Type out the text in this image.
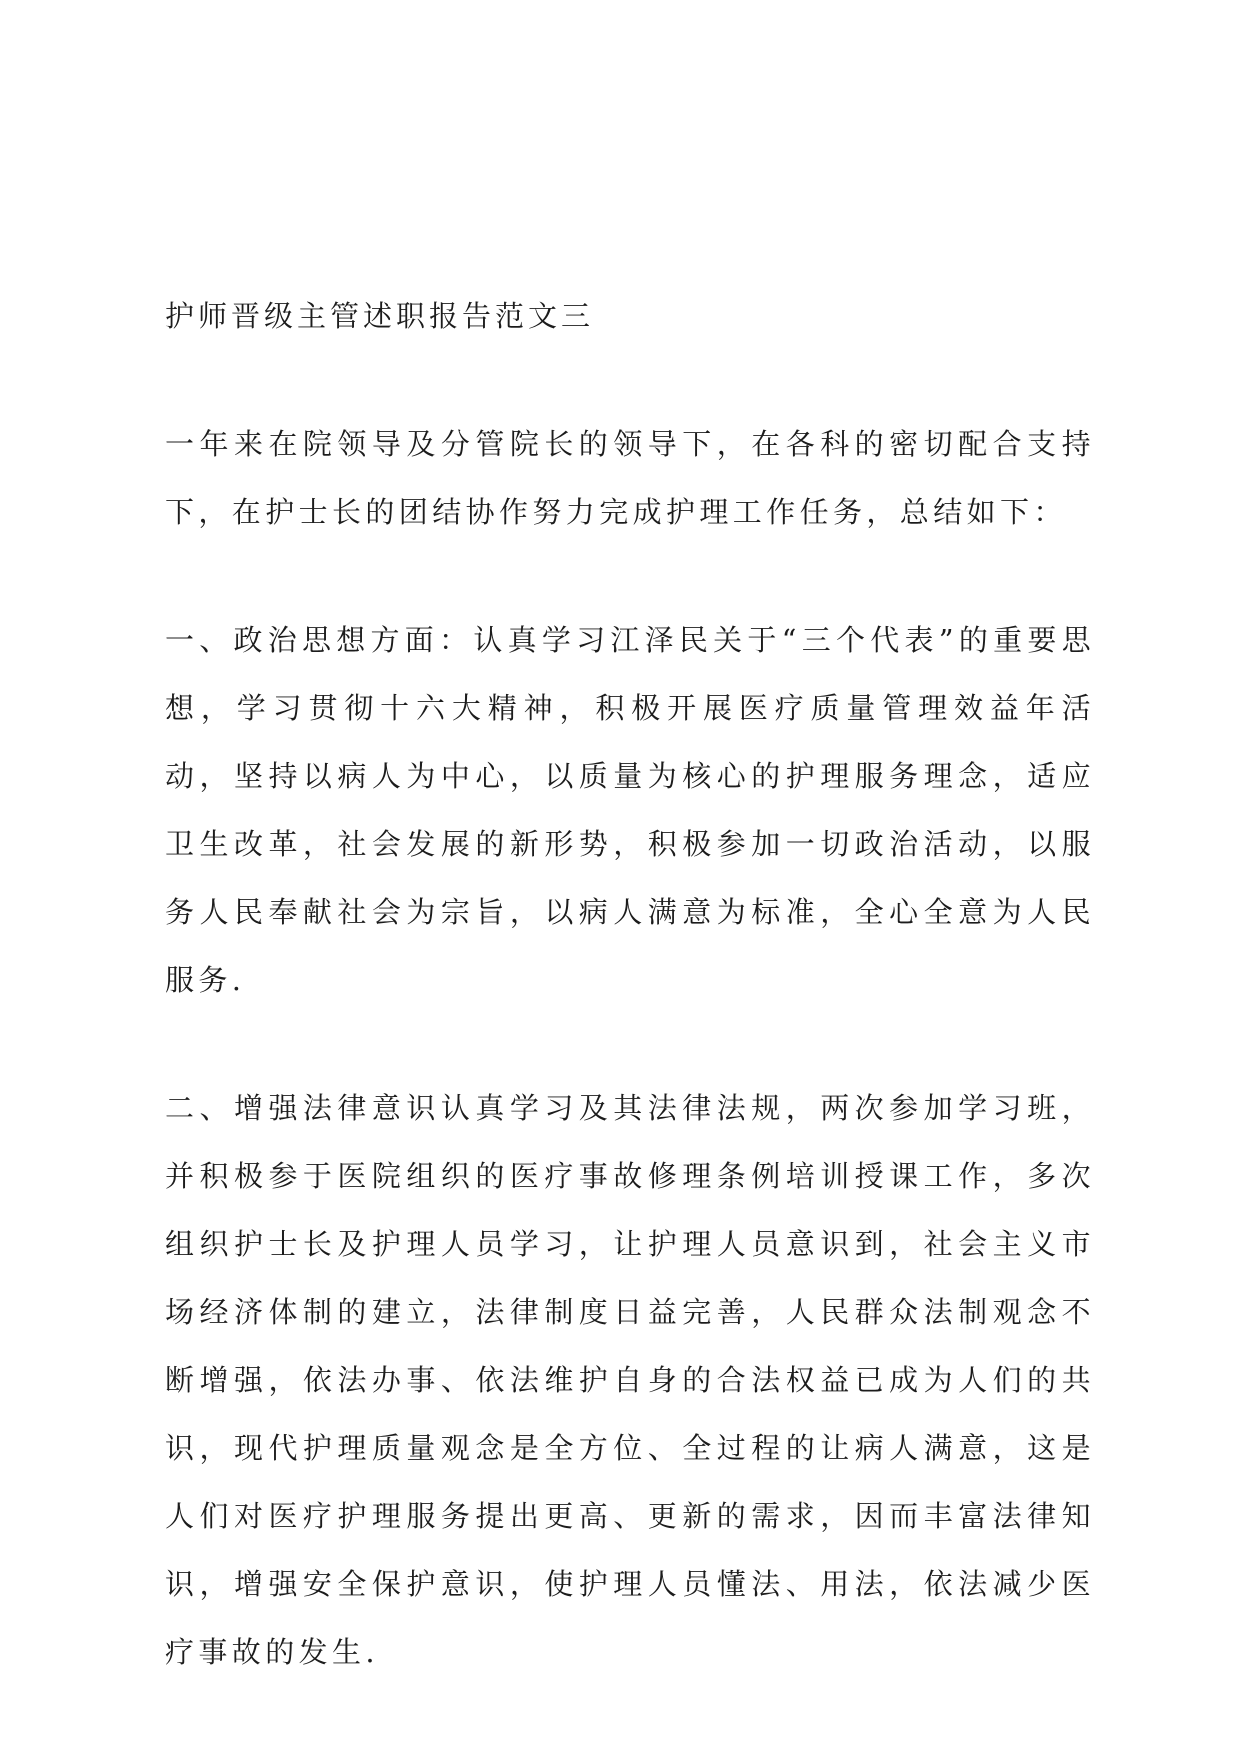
护师晋级主管述职报告范文三

一年来在院领导及分管院长的领导下，在各科的密切配合支持下，在护士长的团结协作努力完成护理工作任务，总结如下：

一、政治思想方面：认真学习江泽民关于“三个代表”的重要思想，学习贯彻十六大精神，积极开展医疗质量管理效益年活动，坚持以病人为中心，以质量为核心的护理服务理念，适应卫生改革，社会发展的新形势，积极参加一切政治活动，以服务人民奉献社会为宗旨，以病人满意为标准，全心全意为人民服务.

二、增强法律意识认真学习及其法律法规，两次参加学习班，并积极参于医院组织的医疗事故修理条例培训授课工作，多次组织护士长及护理人员学习，让护理人员意识到，社会主义市场经济体制的建立，法律制度日益完善，人民群众法制观念不断增强，依法办事、依法维护自身的合法权益已成为人们的共识，现代护理质量观念是全方位、全过程的让病人满意，这是人们对医疗护理服务提出更高、更新的需求，因而丰富法律知识，增强安全保护意识，使护理人员懂法、用法，依法减少医疗事故的发生.
